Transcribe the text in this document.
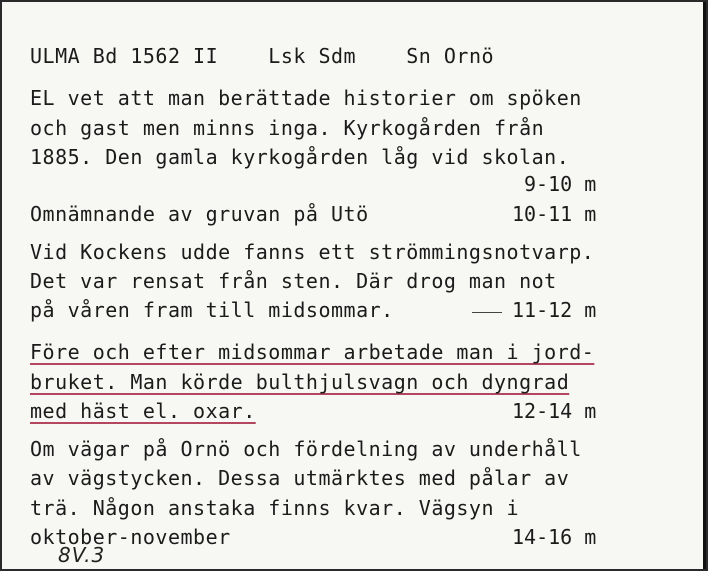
ULMA Bd 1562 II	Lsk Sdm	Sn Ornö
EL vet att man berättade historier om spöken
och gast men minns inga. Kyrkogården från
1885. Den gamla kyrkogården låg vid skolan.
9-10 m
Omnämnande av gruvan på Utö	10-11 m
Vid Kockens udde fanns ett strömmingsnotvarp.
Det var rensat från sten. Där drog man not
på våren fram till midsommar.	11-12 m
Före och efter midsommar arbetade man i jord-
bruket. Man körde bulthjulsvagn och dyngrad
med häst el. oxar.	12-14 m
Om vägar på Ornö och fördelning av underhåll
av vägstycken. Dessa utmärktes med pålar av
trä. Någon anstaka finns kvar. Vägsyn i
oktober-november	14-16 m
8V.3
